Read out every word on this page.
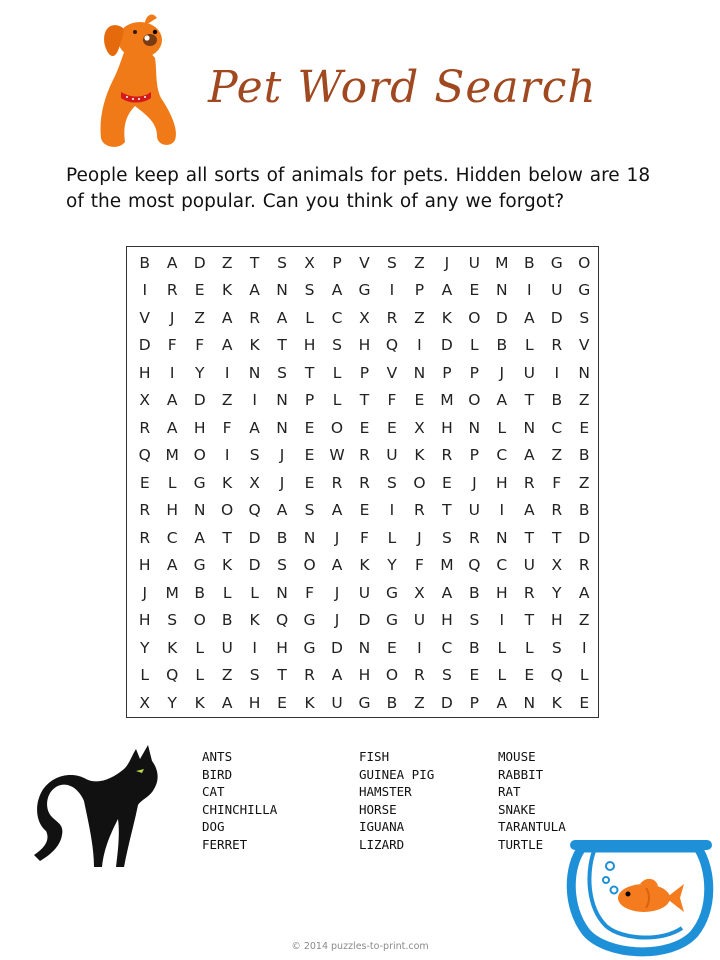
Pet Word Search
People keep all sorts of animals for pets. Hidden below are 18 of the most popular. Can you think of any we forgot?
B	A	D	Z	T	S	X	P	V	S	Z	J	U M B	G O
I	R	E	K	A	N	S	A	G	I	P	A	E	N	I	U	G
V	J	Z	A	R	A	L	C	X	R	Z	K	O D	A	D	S
D	F	F	A	K	T	H	S	H	Q	I	D	L	B	L	R	V
H	I	Y	I	N	S	T	L	P	V	N	P	P	J	U	I	N
X	A	D	Z	I	N	P	L	T	F	E	M O	A	T	B	Z
R	A	H	F	A	N	E	O	E	E	X	H	N	L	N	C	E
Q M O	I	S	J	E W R	U	K	R	P	C	A	Z	B
E	L	G	K	X	J	E	R	R	S	O	E	J	H	R	F	Z
R	H	N	O Q	A	S	A	E	I	R	T	U	I	A	R	B
R	C	A	T	D	B	N	J	F	L	J	S	R	N	T	T	D
H	A	G	K	D	S	O	A	K	Y	F	M Q	C	U	X	R
J	M B	L	L	N	F	J	U	G	X	A	B	H	R	Y	A
H	S	O	B	K	Q G	J	D G	U	H	S	I	T	H	Z
Y	K	L	U	I	H	G	D	N	E	I	C	B	L	L	S	I
L	Q	L	Z	S	T	R	A	H	O	R	S	E	L	E	Q	L
X	Y	K	A	H	E	K	U	G	B	Z	D	P	A	N	K	E
ANTS
BIRD
CAT
CHINCHILLA
DOG
FERRET
FISH
GUINEA PIG
HAMSTER
HORSE
IGUANA
LIZARD
MOUSE
RABBIT
RAT
SNAKE
TARANTULA
TURTLE
© 2014 puzzles-to-print.com
